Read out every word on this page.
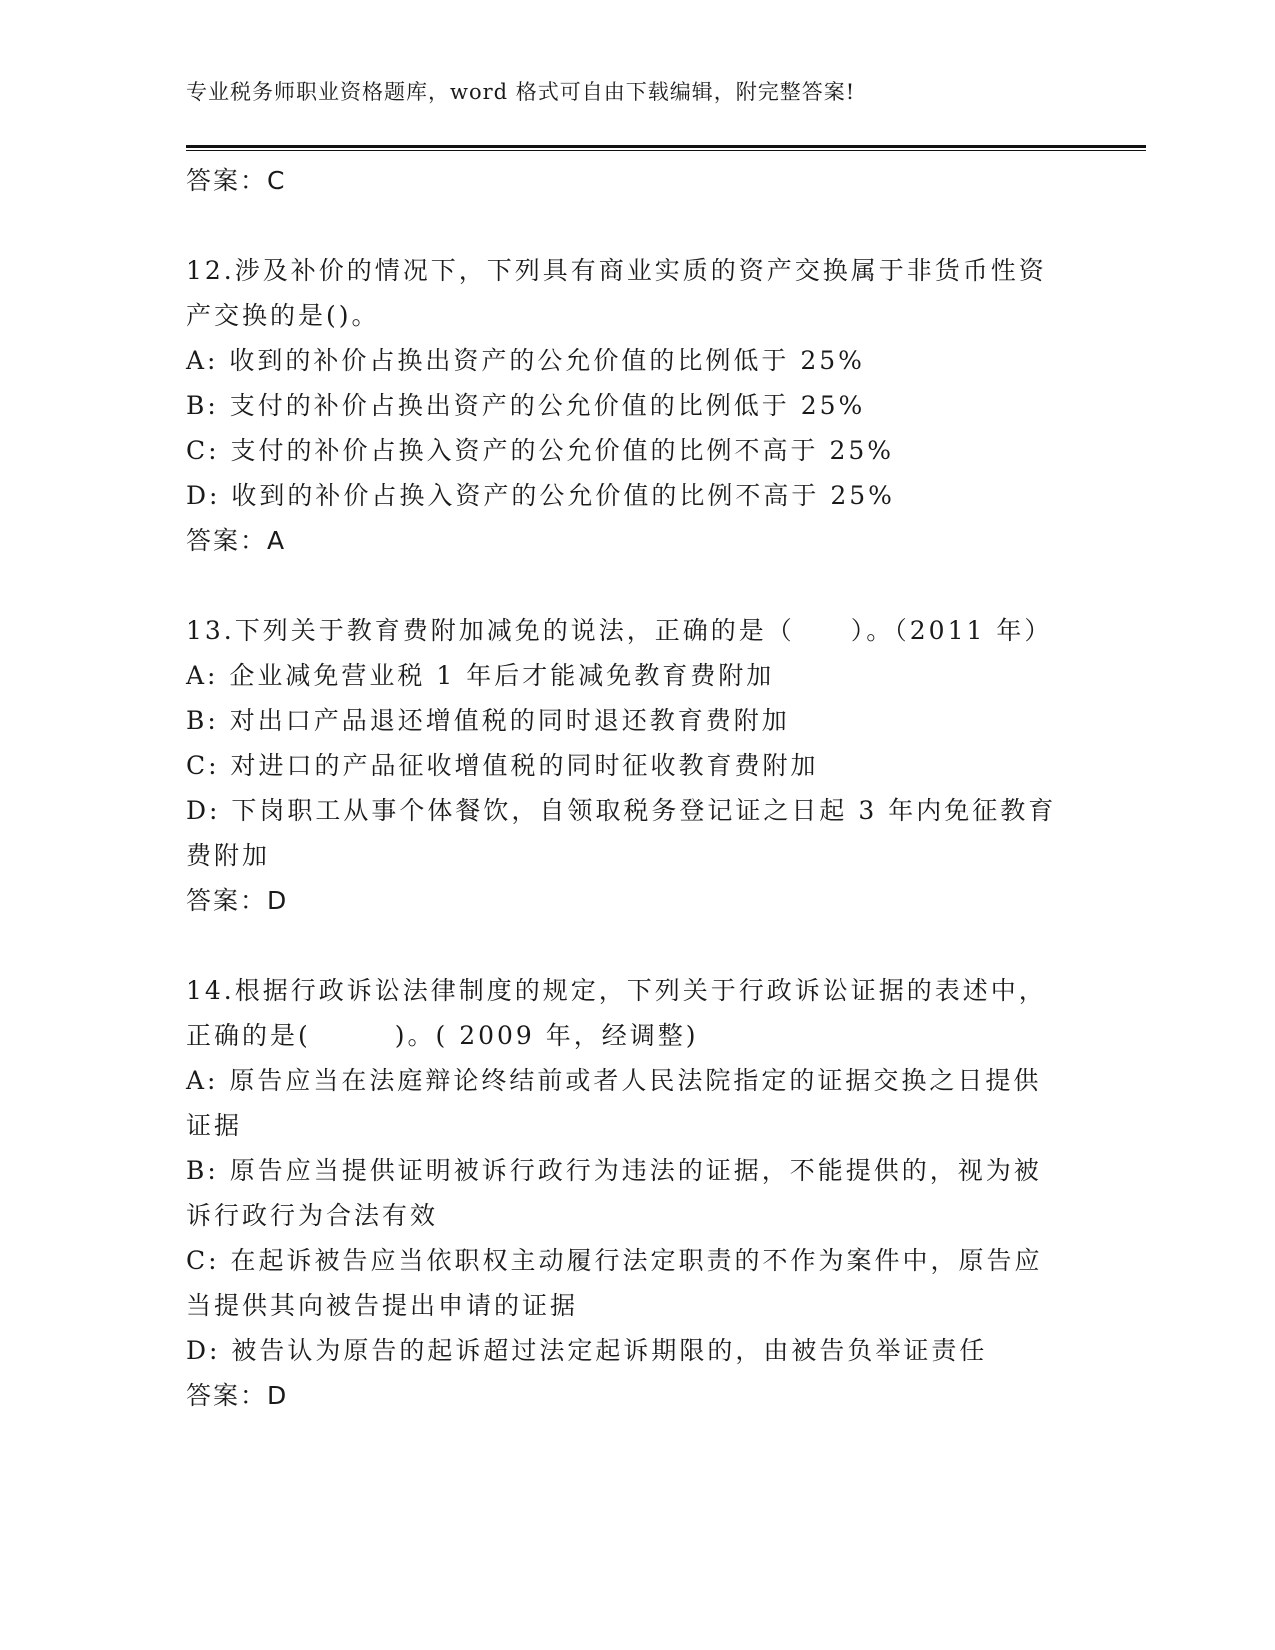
专业税务师职业资格题库，word 格式可自由下载编辑，附完整答案!
答案：C
12.涉及补价的情况下，下列具有商业实质的资产交换属于非货币性资
产交换的是()。
A: 收到的补价占换出资产的公允价值的比例低于 25%
B: 支付的补价占换出资产的公允价值的比例低于 25%
C: 支付的补价占换入资产的公允价值的比例不高于 25%
D: 收到的补价占换入资产的公允价值的比例不高于 25%
答案：A
13.下列关于教育费附加减免的说法，正确的是（　　）。（2011 年）
A: 企业减免营业税 1 年后才能减免教育费附加
B: 对出口产品退还增值税的同时退还教育费附加
C: 对进口的产品征收增值税的同时征收教育费附加
D: 下岗职工从事个体餐饮，自领取税务登记证之日起 3 年内免征教育
费附加
答案：D
14.根据行政诉讼法律制度的规定，下列关于行政诉讼证据的表述中，
正确的是(　　　)。( 2009 年，经调整)
A: 原告应当在法庭辩论终结前或者人民法院指定的证据交换之日提供
证据
B: 原告应当提供证明被诉行政行为违法的证据，不能提供的，视为被
诉行政行为合法有效
C: 在起诉被告应当依职权主动履行法定职责的不作为案件中，原告应
当提供其向被告提出申请的证据
D: 被告认为原告的起诉超过法定起诉期限的，由被告负举证责任
答案：D
